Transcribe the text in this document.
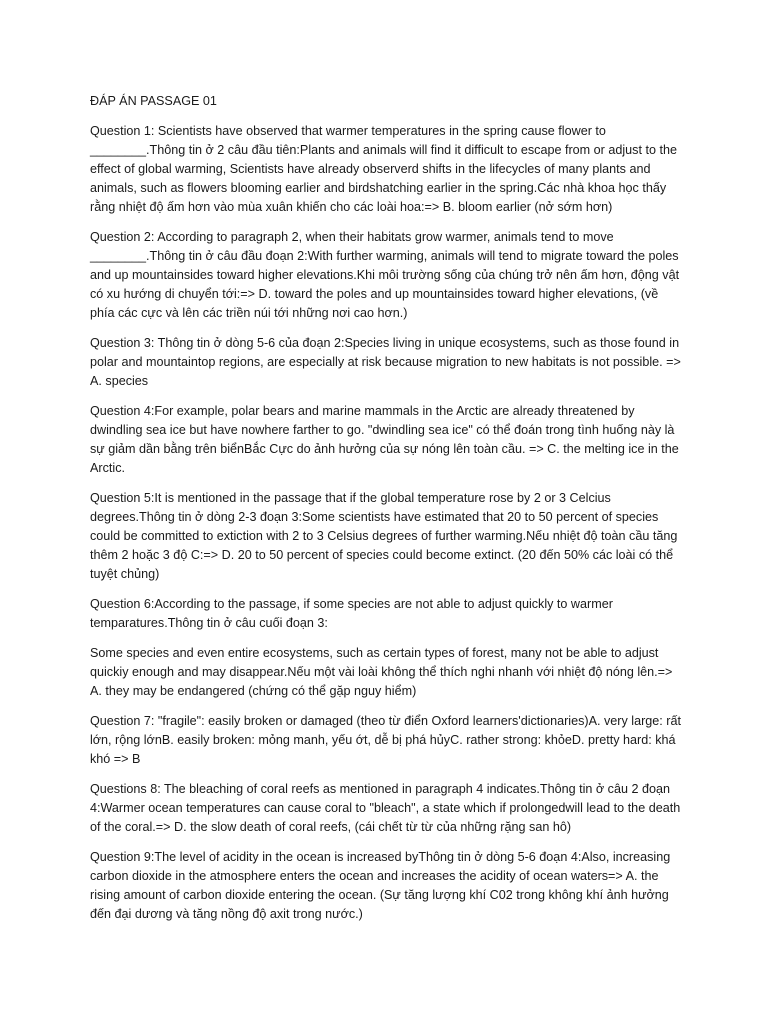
ĐÁP ÁN PASSAGE 01

Question 1: Scientists have observed that warmer temperatures in the spring cause flower to ________.Thông tin ở 2 câu đầu tiên:Plants and animals will find it difficult to escape from or adjust to the effect of global warming, Scientists have already observerd shifts in the lifecycles of many plants and animals, such as flowers blooming earlier and birdshatching earlier in the spring.Các nhà khoa học thấy rằng nhiệt độ ấm hơn vào mùa xuân khiến cho các loài hoa:=> B. bloom earlier (nở sớm hơn)

Question 2: According to paragraph 2, when their habitats grow warmer, animals tend to move ________.Thông tin ở câu đầu đoạn 2:With further warming, animals will tend to migrate toward the poles and up mountainsides toward higher elevations.Khi môi trường sống của chúng trở nên ấm hơn, động vật có xu hướng di chuyển tới:=> D. toward the poles and up mountainsides toward higher elevations, (về phía các cực và lên các triền núi tới những nơi cao hơn.)

Question 3: Thông tin ở dòng 5-6 của đoạn 2:Species living in unique ecosystems, such as those found in polar and mountaintop regions, are especially at risk because migration to new habitats is not possible. => A. species

Question 4:For example, polar bears and marine mammals in the Arctic are already threatened by dwindling sea ice but have nowhere farther to go. "dwindling sea ice" có thể đoán trong tình huống này là sự giảm dần bằng trên biểnBắc Cực do ảnh hưởng của sự nóng lên toàn cầu. => C. the melting ice in the Arctic.

Question 5:It is mentioned in the passage that if the global temperature rose by 2 or 3 Celcius degrees.Thông tin ở dòng 2-3 đoạn 3:Some scientists have estimated that 20 to 50 percent of species could be committed to extiction with 2 to 3 Celsius degrees of further warming.Nếu nhiệt độ toàn cầu tăng thêm 2 hoặc 3 độ C:=> D. 20 to 50 percent of species could become extinct. (20 đến 50% các loài có thể tuyệt chủng)

Question 6:According to the passage, if some species are not able to adjust quickly to warmer temparatures.Thông tin ở câu cuối đoạn 3:

Some species and even entire ecosystems, such as certain types of forest, many not be able to adjust quickiy enough and may disappear.Nếu một vài loài không thể thích nghi nhanh với nhiệt độ nóng lên.=> A. they may be endangered (chứng có thể gặp nguy hiểm)

Question 7: "fragile": easily broken or damaged (theo từ điển Oxford learners'dictionaries)A. very large: rất lớn, rộng lớnB. easily broken: mỏng manh, yếu ớt, dễ bị phá hủyC. rather strong: khỏeD. pretty hard: khá khó => B

Questions 8: The bleaching of coral reefs as mentioned in paragraph 4 indicates.Thông tin ở câu 2 đoạn 4:Warmer ocean temperatures can cause coral to "bleach", a state which if prolongedwill lead to the death of the coral.=> D. the slow death of coral reefs, (cái chết từ từ của những rặng san hô)

Question 9:The level of acidity in the ocean is increased byThông tin ở dòng 5-6 đoạn 4:Also, increasing carbon dioxide in the atmosphere enters the ocean and increases the acidity of ocean waters=> A. the rising amount of carbon dioxide entering the ocean. (Sự tăng lượng khí C02 trong không khí ảnh hưởng đến đại dương và tăng nồng độ axit trong nước.)
